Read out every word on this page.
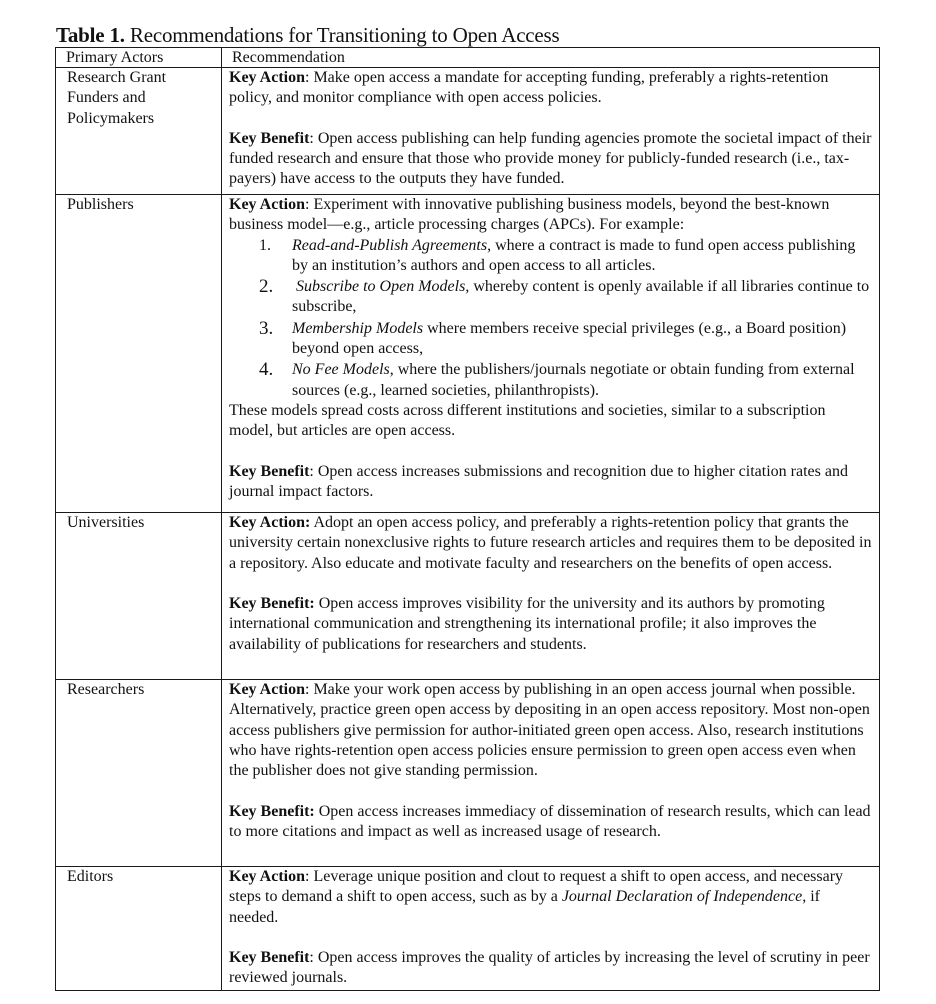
Table 1. Recommendations for Transitioning to Open Access
Primary Actors	Recommendation

Research Grant Funders and Policymakers	Key Action: Make open access a mandate for accepting funding, preferably a rights-retention policy, and monitor compliance with open access policies.

Key Benefit: Open access publishing can help funding agencies promote the societal impact of their funded research and ensure that those who provide money for publicly-funded research (i.e., tax-payers) have access to the outputs they have funded.

Publishers	Key Action: Experiment with innovative publishing business models, beyond the best-known business model—e.g., article processing charges (APCs). For example:

1.	Read-and-Publish Agreements, where a contract is made to fund open access publishing by an institution’s authors and open access to all articles.
2.	Subscribe to Open Models, whereby content is openly available if all libraries continue to subscribe,
3.	Membership Models where members receive special privileges (e.g., a Board position) beyond open access,
4.	No Fee Models, where the publishers/journals negotiate or obtain funding from external sources (e.g., learned societies, philanthropists).

These models spread costs across different institutions and societies, similar to a subscription model, but articles are open access.

Key Benefit: Open access increases submissions and recognition due to higher citation rates and journal impact factors.

Universities	Key Action: Adopt an open access policy, and preferably a rights-retention policy that grants the university certain nonexclusive rights to future research articles and requires them to be deposited in a repository. Also educate and motivate faculty and researchers on the benefits of open access.

Key Benefit: Open access improves visibility for the university and its authors by promoting international communication and strengthening its international profile; it also improves the availability of publications for researchers and students.

Researchers	Key Action: Make your work open access by publishing in an open access journal when possible. Alternatively, practice green open access by depositing in an open access repository. Most non-open access publishers give permission for author-initiated green open access. Also, research institutions who have rights-retention open access policies ensure permission to green open access even when the publisher does not give standing permission.

Key Benefit: Open access increases immediacy of dissemination of research results, which can lead to more citations and impact as well as increased usage of research.

Editors	Key Action: Leverage unique position and clout to request a shift to open access, and necessary steps to demand a shift to open access, such as by a Journal Declaration of Independence, if needed.

Key Benefit: Open access improves the quality of articles by increasing the level of scrutiny in peer reviewed journals.
